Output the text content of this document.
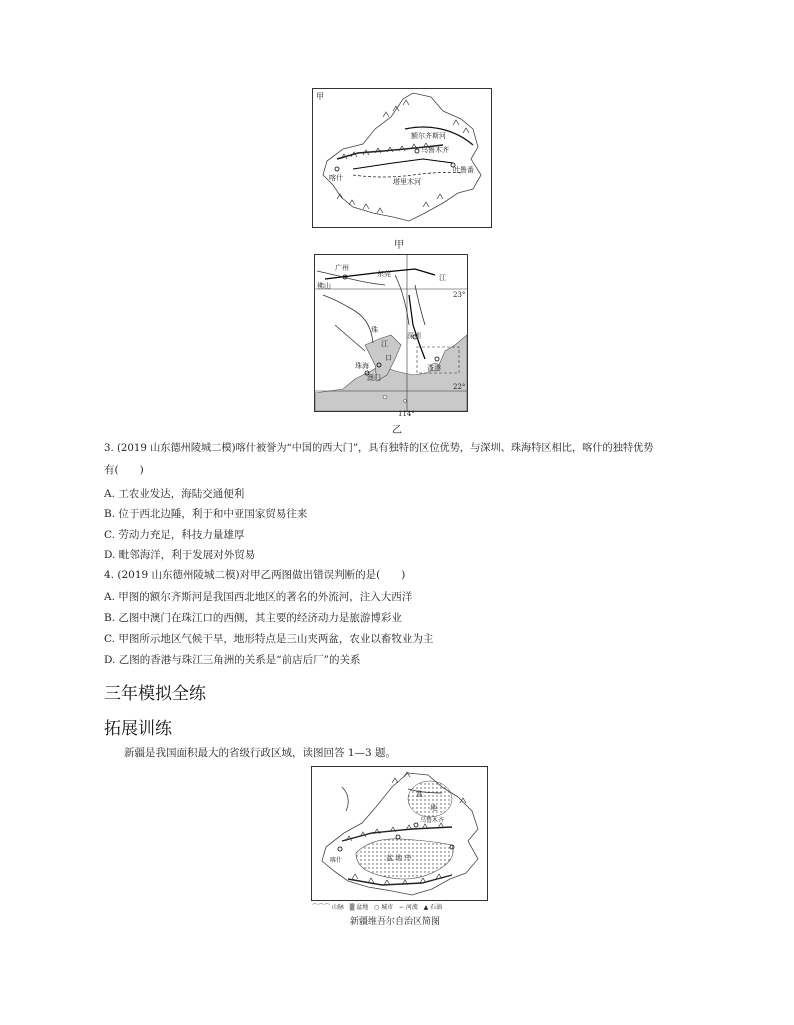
甲
额尔齐斯河
乌鲁木齐
吐鲁番
喀什	塔里木河
甲
广州
东莞
佛山
江
珠
江
口
深圳
珠海
澳门
香港
23°
22°
114°
乙
3. (2019 山东德州陵城二模)喀什被誉为“中国的西大门”，具有独特的区位优势，与深圳、珠海特区相比，喀什的独特优势
有(　　)
A. 工农业发达，海陆交通便利
B. 位于西北边陲，利于和中亚国家贸易往来
C. 劳动力充足，科技力量雄厚
D. 毗邻海洋，利于发展对外贸易
4. (2019 山东德州陵城二模)对甲乙两图做出错误判断的是(　　)
A. 甲图的额尔齐斯河是我国西北地区的著名的外流河，注入大西洋
B. 乙图中澳门在珠江口的西侧，其主要的经济动力是旅游博彩业
C. 甲图所示地区气候干旱，地形特点是三山夹两盆，农业以畜牧业为主
D. 乙图的香港与珠江三角洲的关系是“前店后厂”的关系
三年模拟全练
拓展训练
新疆是我国面积最大的省级行政区域，读图回答 1—3 题。
盆
地
乌鲁木齐
盆 地 中
喀什
⌒⌒⌒ 山脉 ▒ 盆地 ○ 城市 ∽ 河流 ▲ 石油
新疆维吾尔自治区简图
